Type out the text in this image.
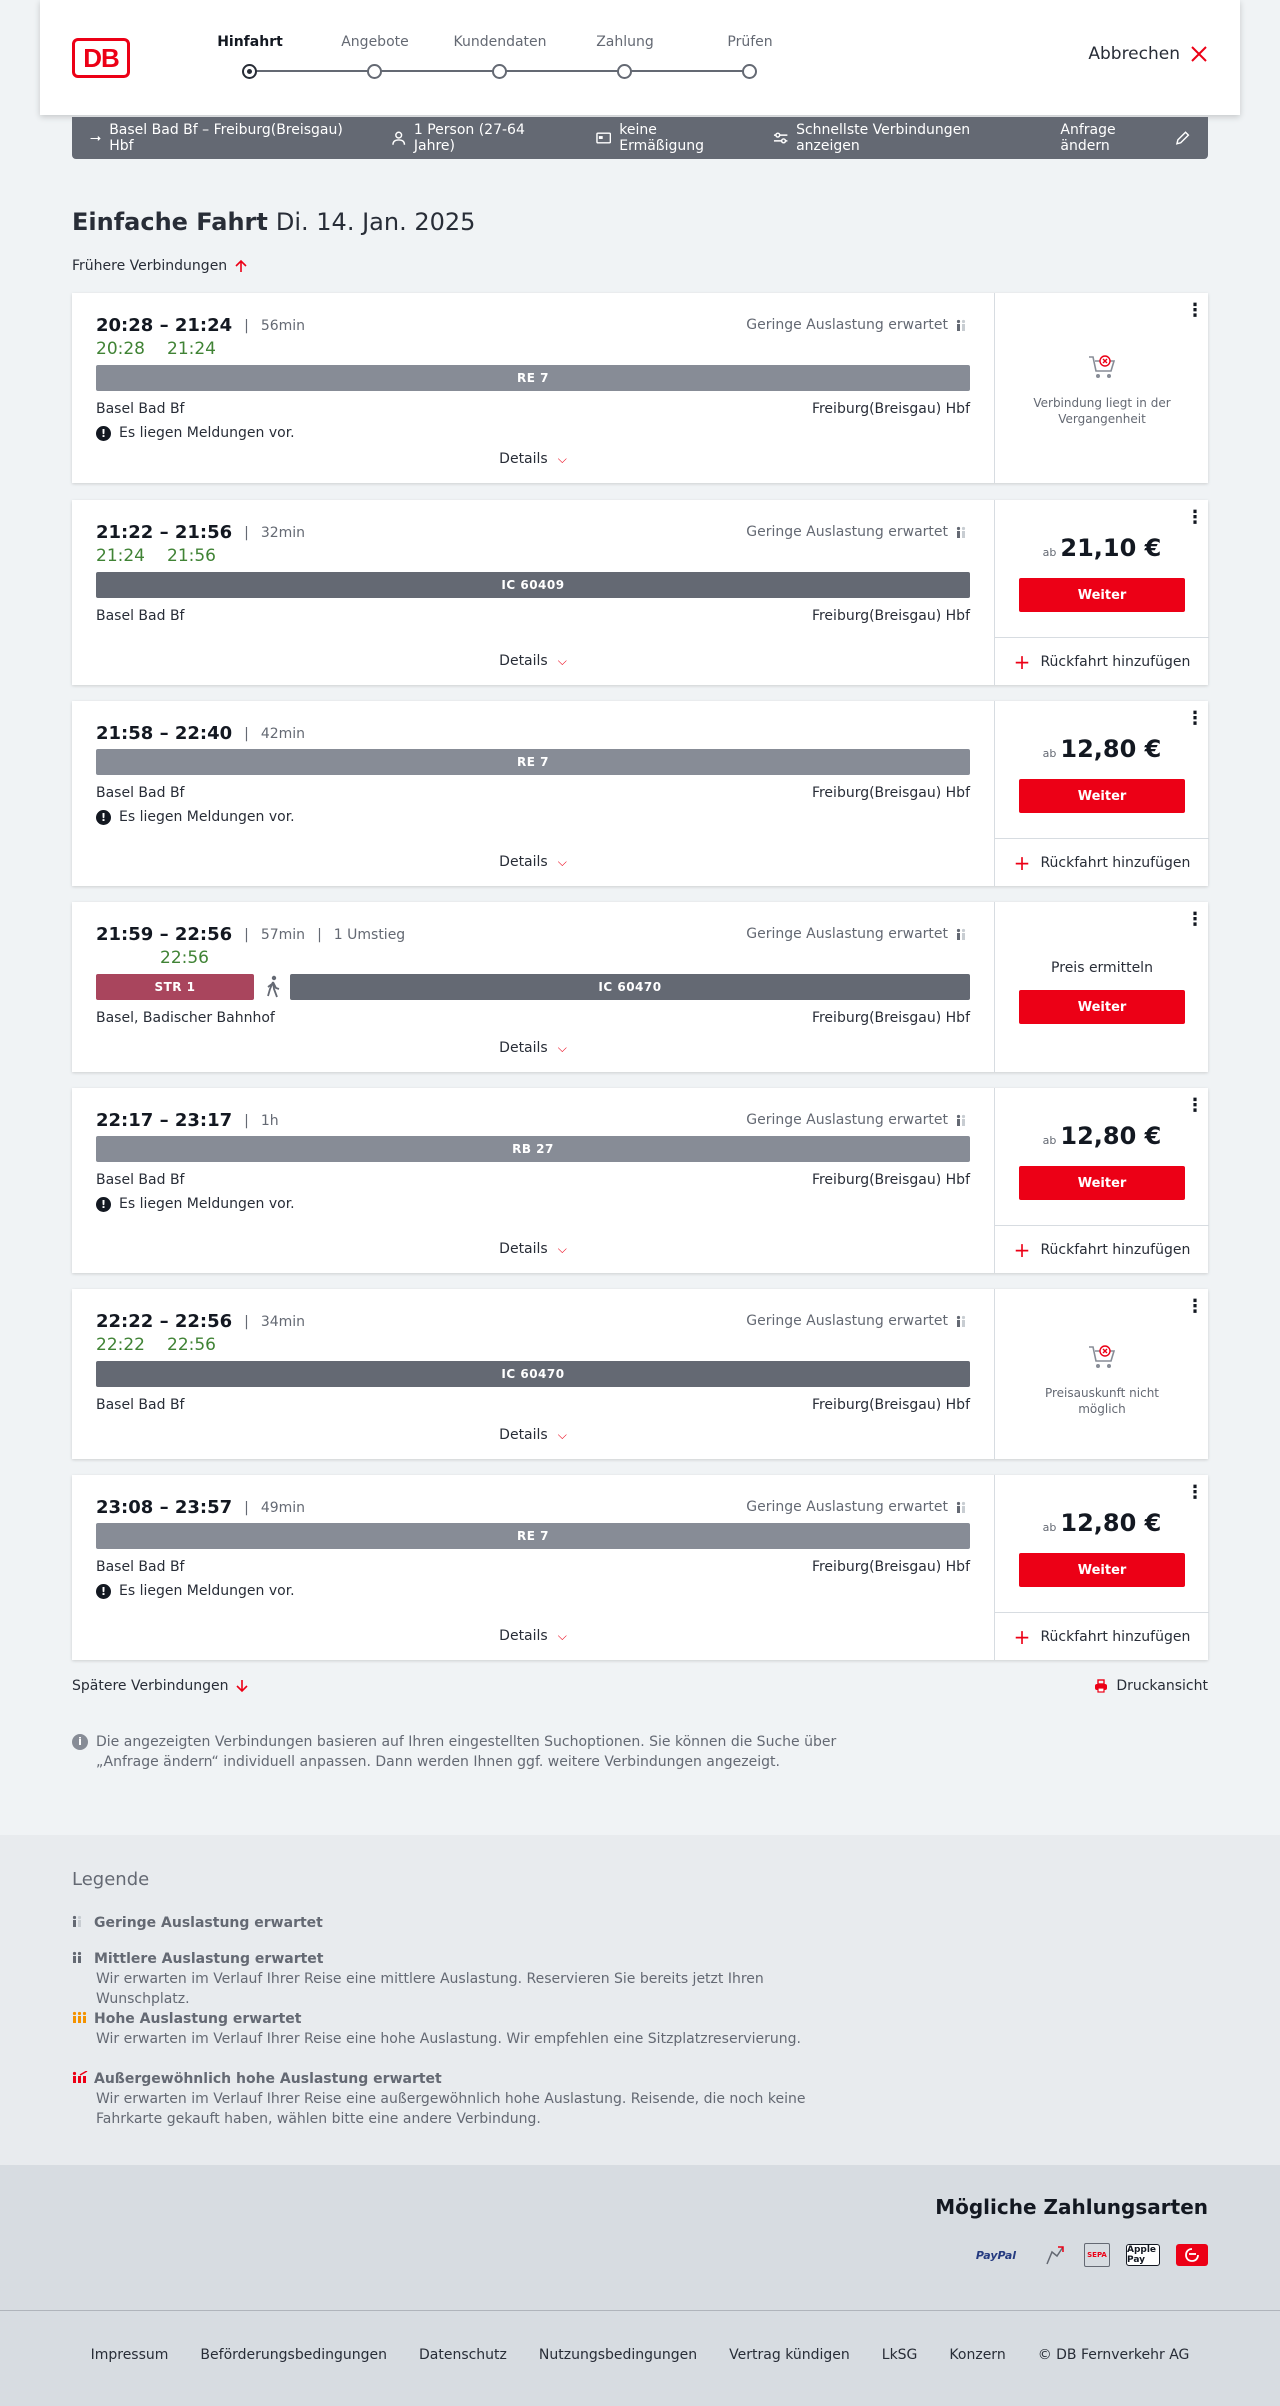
DB
Hinfahrt	Angebote	Kundendaten	Zahlung	Prüfen
Abbrechen
⭢ Basel Bad Bf – Freiburg(Breisgau) Hbf
1 Person (27-64 Jahre)
keine Ermäßigung
Schnellste Verbindungen anzeigen
Anfrage ändern
Einfache Fahrt Di. 14. Jan. 2025
Frühere Verbindungen
20:28 – 21:24 | 56min
20:28 21:24
Geringe Auslastung erwartet
RE 7
Basel Bad Bf	Freiburg(Breisgau) Hbf
! Es liegen Meldungen vor.
Details ⌵
⋮
Verbindung liegt in der Vergangenheit
21:22 – 21:56 | 32min
21:24 21:56
Geringe Auslastung erwartet
IC 60409
Basel Bad Bf	Freiburg(Breisgau) Hbf
Details ⌵
⋮
ab 21,10 €
Weiter
+ Rückfahrt hinzufügen
21:58 – 22:40 | 42min
RE 7
Basel Bad Bf	Freiburg(Breisgau) Hbf
! Es liegen Meldungen vor.
Details ⌵
⋮
ab 12,80 €
Weiter
+ Rückfahrt hinzufügen
21:59 – 22:56 | 57min | 1 Umstieg
22:56
Geringe Auslastung erwartet
STR 1	IC 60470
Basel, Badischer Bahnhof	Freiburg(Breisgau) Hbf
Details ⌵
⋮
Preis ermitteln
Weiter
22:17 – 23:17 | 1h	Geringe Auslastung erwartet
RB 27
Basel Bad Bf	Freiburg(Breisgau) Hbf
! Es liegen Meldungen vor.
Details ⌵
⋮
ab 12,80 €
Weiter
+ Rückfahrt hinzufügen
22:22 – 22:56 | 34min
22:22 22:56
Geringe Auslastung erwartet
IC 60470
Basel Bad Bf	Freiburg(Breisgau) Hbf
Details ⌵
⋮
Preisauskunft nicht möglich
23:08 – 23:57 | 49min	Geringe Auslastung erwartet
RE 7
Basel Bad Bf	Freiburg(Breisgau) Hbf
! Es liegen Meldungen vor.
Details ⌵
⋮
ab 12,80 €
Weiter
+ Rückfahrt hinzufügen
Spätere Verbindungen	Druckansicht
i	Die angezeigten Verbindungen basieren auf Ihren eingestellten Suchoptionen. Sie können die Suche über „Anfrage ändern“ individuell anpassen. Dann werden Ihnen ggf. weitere Verbindungen angezeigt.
Legende
Geringe Auslastung erwartet
Mittlere Auslastung erwartet

Wir erwarten im Verlauf Ihrer Reise eine mittlere Auslastung. Reservieren Sie bereits jetzt Ihren Wunschplatz.

Hohe Auslastung erwartet

Wir erwarten im Verlauf Ihrer Reise eine hohe Auslastung. Wir empfehlen eine Sitzplatzreservierung.

Außergewöhnlich hohe Auslastung erwartet

Wir erwarten im Verlauf Ihrer Reise eine außergewöhnlich hohe Auslastung. Reisende, die noch keine Fahrkarte gekauft haben, wählen bitte eine andere Verbindung.

Mögliche Zahlungsarten
PayPal	SEPA	Apple Pay
Impressum Beförderungsbedingungen Datenschutz Nutzungsbedingungen Vertrag kündigen LkSG Konzern © DB Fernverkehr AG
